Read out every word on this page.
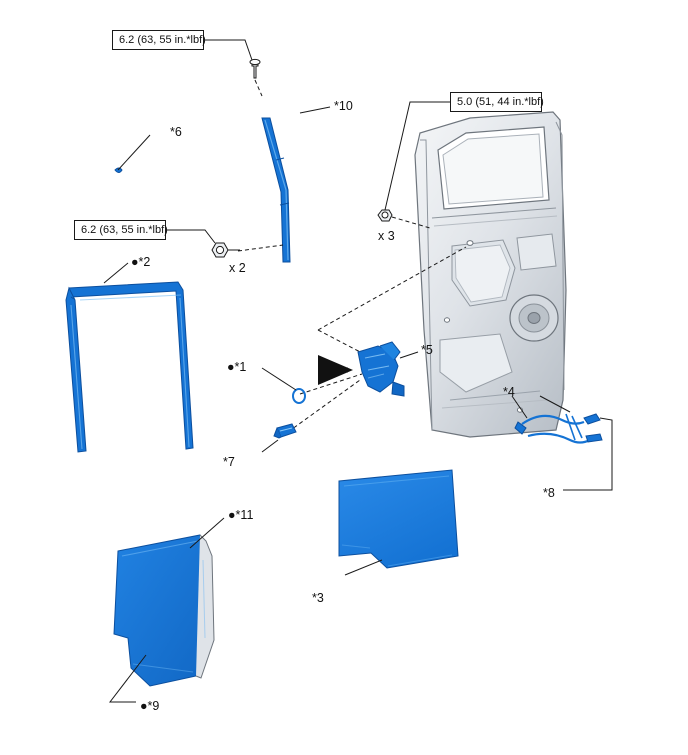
6.2 (63, 55 in.*lbf)
6.2 (63, 55 in.*lbf)
5.0 (51, 44 in.*lbf)
x 2
x 3
*10
*6
●*2
●*1
*5
*7
*4
*8
●*11
*3
●*9
